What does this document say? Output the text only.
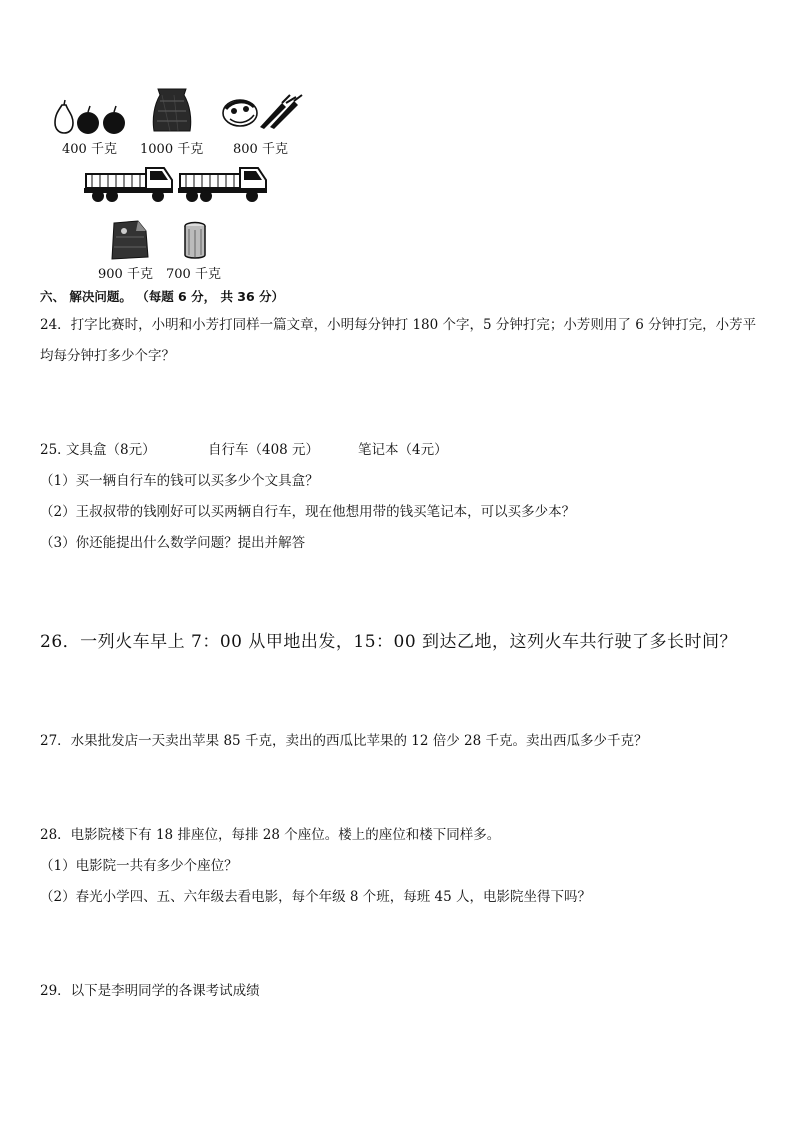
400 千克 1000 千克 800 千克
900 千克 700 千克
六、 解决问题。 （每题 6 分， 共 36 分）
24．打字比赛时，小明和小芳打同样一篇文章，小明每分钟打 180 个字，5 分钟打完；小芳则用了 6 分钟打完，小芳平
均每分钟打多少个字？
25．
文具盒（8元）	自行车（408 元）	笔记本（4元）
（1）买一辆自行车的钱可以买多少个文具盒？
（2）王叔叔带的钱刚好可以买两辆自行车，现在他想用带的钱买笔记本，可以买多少本？
（3）你还能提出什么数学问题？提出并解答
26．一列火车早上 7：00 从甲地出发，15：00 到达乙地，这列火车共行驶了多长时间？
27．水果批发店一天卖出苹果 85 千克，卖出的西瓜比苹果的 12 倍少 28 千克。卖出西瓜多少千克？
28．电影院楼下有 18 排座位，每排 28 个座位。楼上的座位和楼下同样多。
（1）电影院一共有多少个座位？
（2）春光小学四、五、六年级去看电影，每个年级 8 个班，每班 45 人，电影院坐得下吗？
29．以下是李明同学的各课考试成绩
